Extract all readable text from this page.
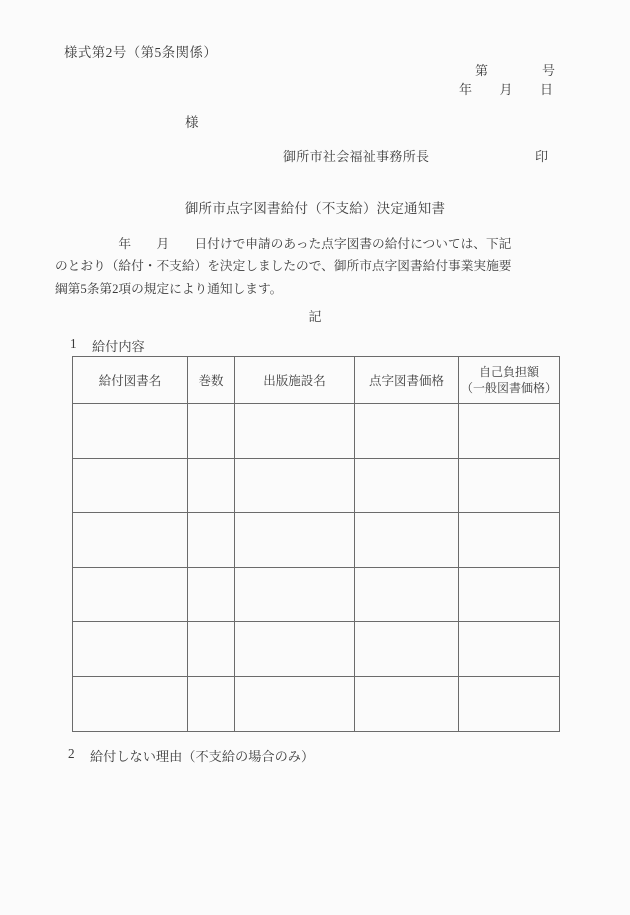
様式第2号（第5条関係）
第	号
年 月 日
様
御所市社会福祉事務所長	印
御所市点字図書給付（不支給）決定通知書
　　　　　年　　月　　日付けで申請のあった点字図書の給付については、下記
のとおり（給付・不支給）を決定しましたので、御所市点字図書給付事業実施要
綱第5条第2項の規定により通知します。
記
1	給付内容
給付図書名	巻数	出版施設名	点字図書価格	自己負担額
（一般図書価格）

2	給付しない理由（不支給の場合のみ）
